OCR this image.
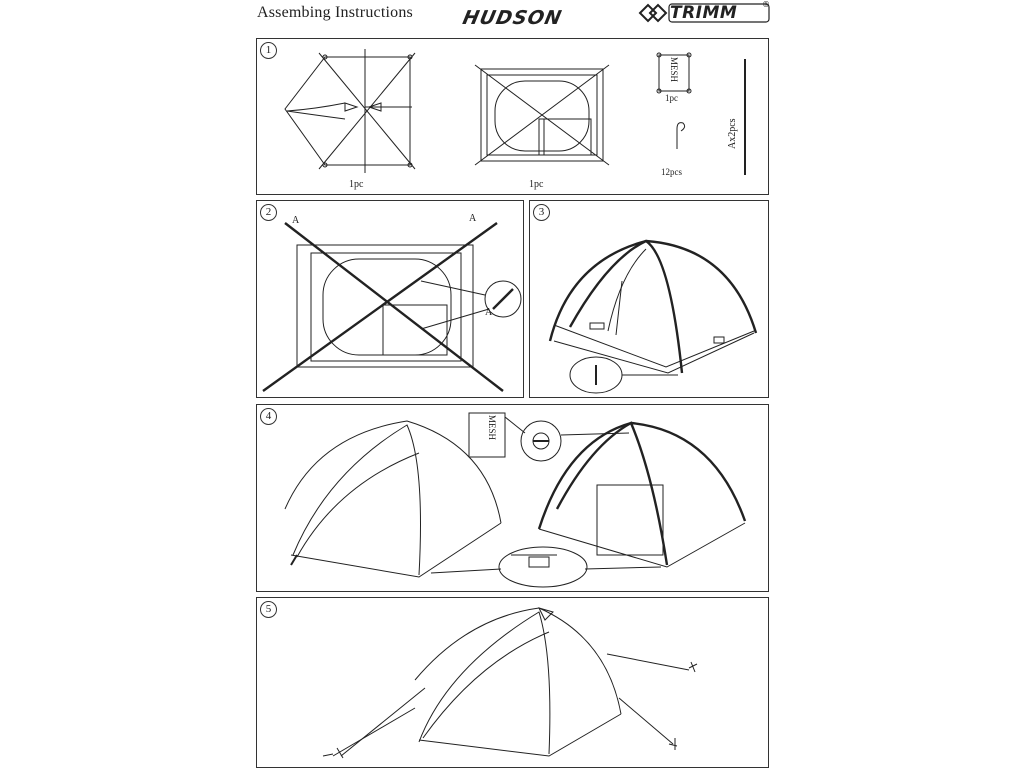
Assembing Instructions	HUDSON	TRIMM	®
1
1pc	1pc
1pc
12pcs
MESH
Ax2pcs
2
A	A
A
3
4	MESH
5
